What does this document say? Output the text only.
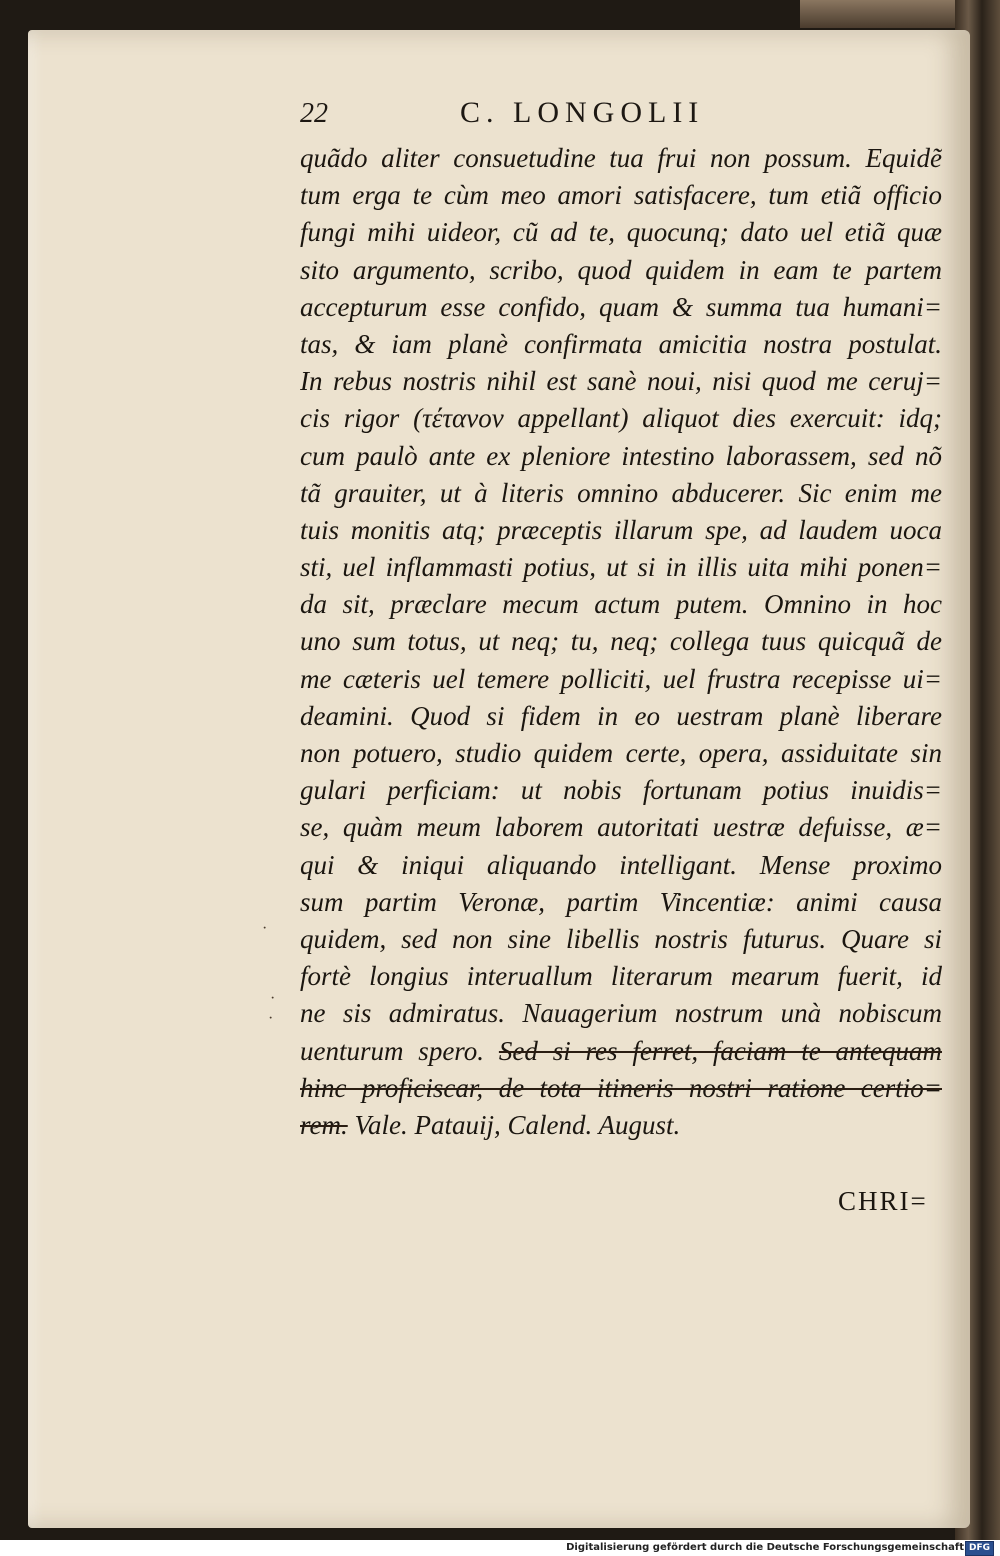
22	C. LONGOLII
quãdo aliter consuetudine tua frui non possum. Equidẽ
tum erga te cùm meo amori satisfacere, tum etiã officio
fungi mihi uideor, cũ ad te, quocunq; dato uel etiã quæ
sito argumento, scribo, quod quidem in eam te partem
accepturum esse confido, quam & summa tua humani=
tas, & iam planè confirmata amicitia nostra postulat.
In rebus nostris nihil est sanè noui, nisi quod me ceruj=
cis rigor (τέτανον appellant) aliquot dies exercuit: idq;
cum paulò ante ex pleniore intestino laborassem, sed nõ
tã grauiter, ut à literis omnino abducerer. Sic enim me
tuis monitis atq; præceptis illarum spe, ad laudem uoca
sti, uel inflammasti potius, ut si in illis uita mihi ponen=
da sit, præclare mecum actum putem. Omnino in hoc
uno sum totus, ut neq; tu, neq; collega tuus quicquã de
me cæteris uel temere polliciti, uel frustra recepisse ui=
deamini. Quod si fidem in eo uestram planè liberare
non potuero, studio quidem certe, opera, assiduitate sin
gulari perficiam: ut nobis fortunam potius inuidis=
se, quàm meum laborem autoritati uestræ defuisse, æ=
qui & iniqui aliquando intelligant. Mense proximo
sum partim Veronæ, partim Vincentiæ: animi causa
quidem, sed non sine libellis nostris futurus. Quare si
fortè longius interuallum literarum mearum fuerit, id
ne sis admiratus. Nauagerium nostrum unà nobiscum
uenturum spero. Sed si res ferret, faciam te antequam
hinc proficiscar, de tota itineris nostri ratione certio=
rem. Vale. Patauij, Calend. August.
CHRI=
·
·
·
Digitalisierung gefördert durch die Deutsche Forschungsgemeinschaft DFG
